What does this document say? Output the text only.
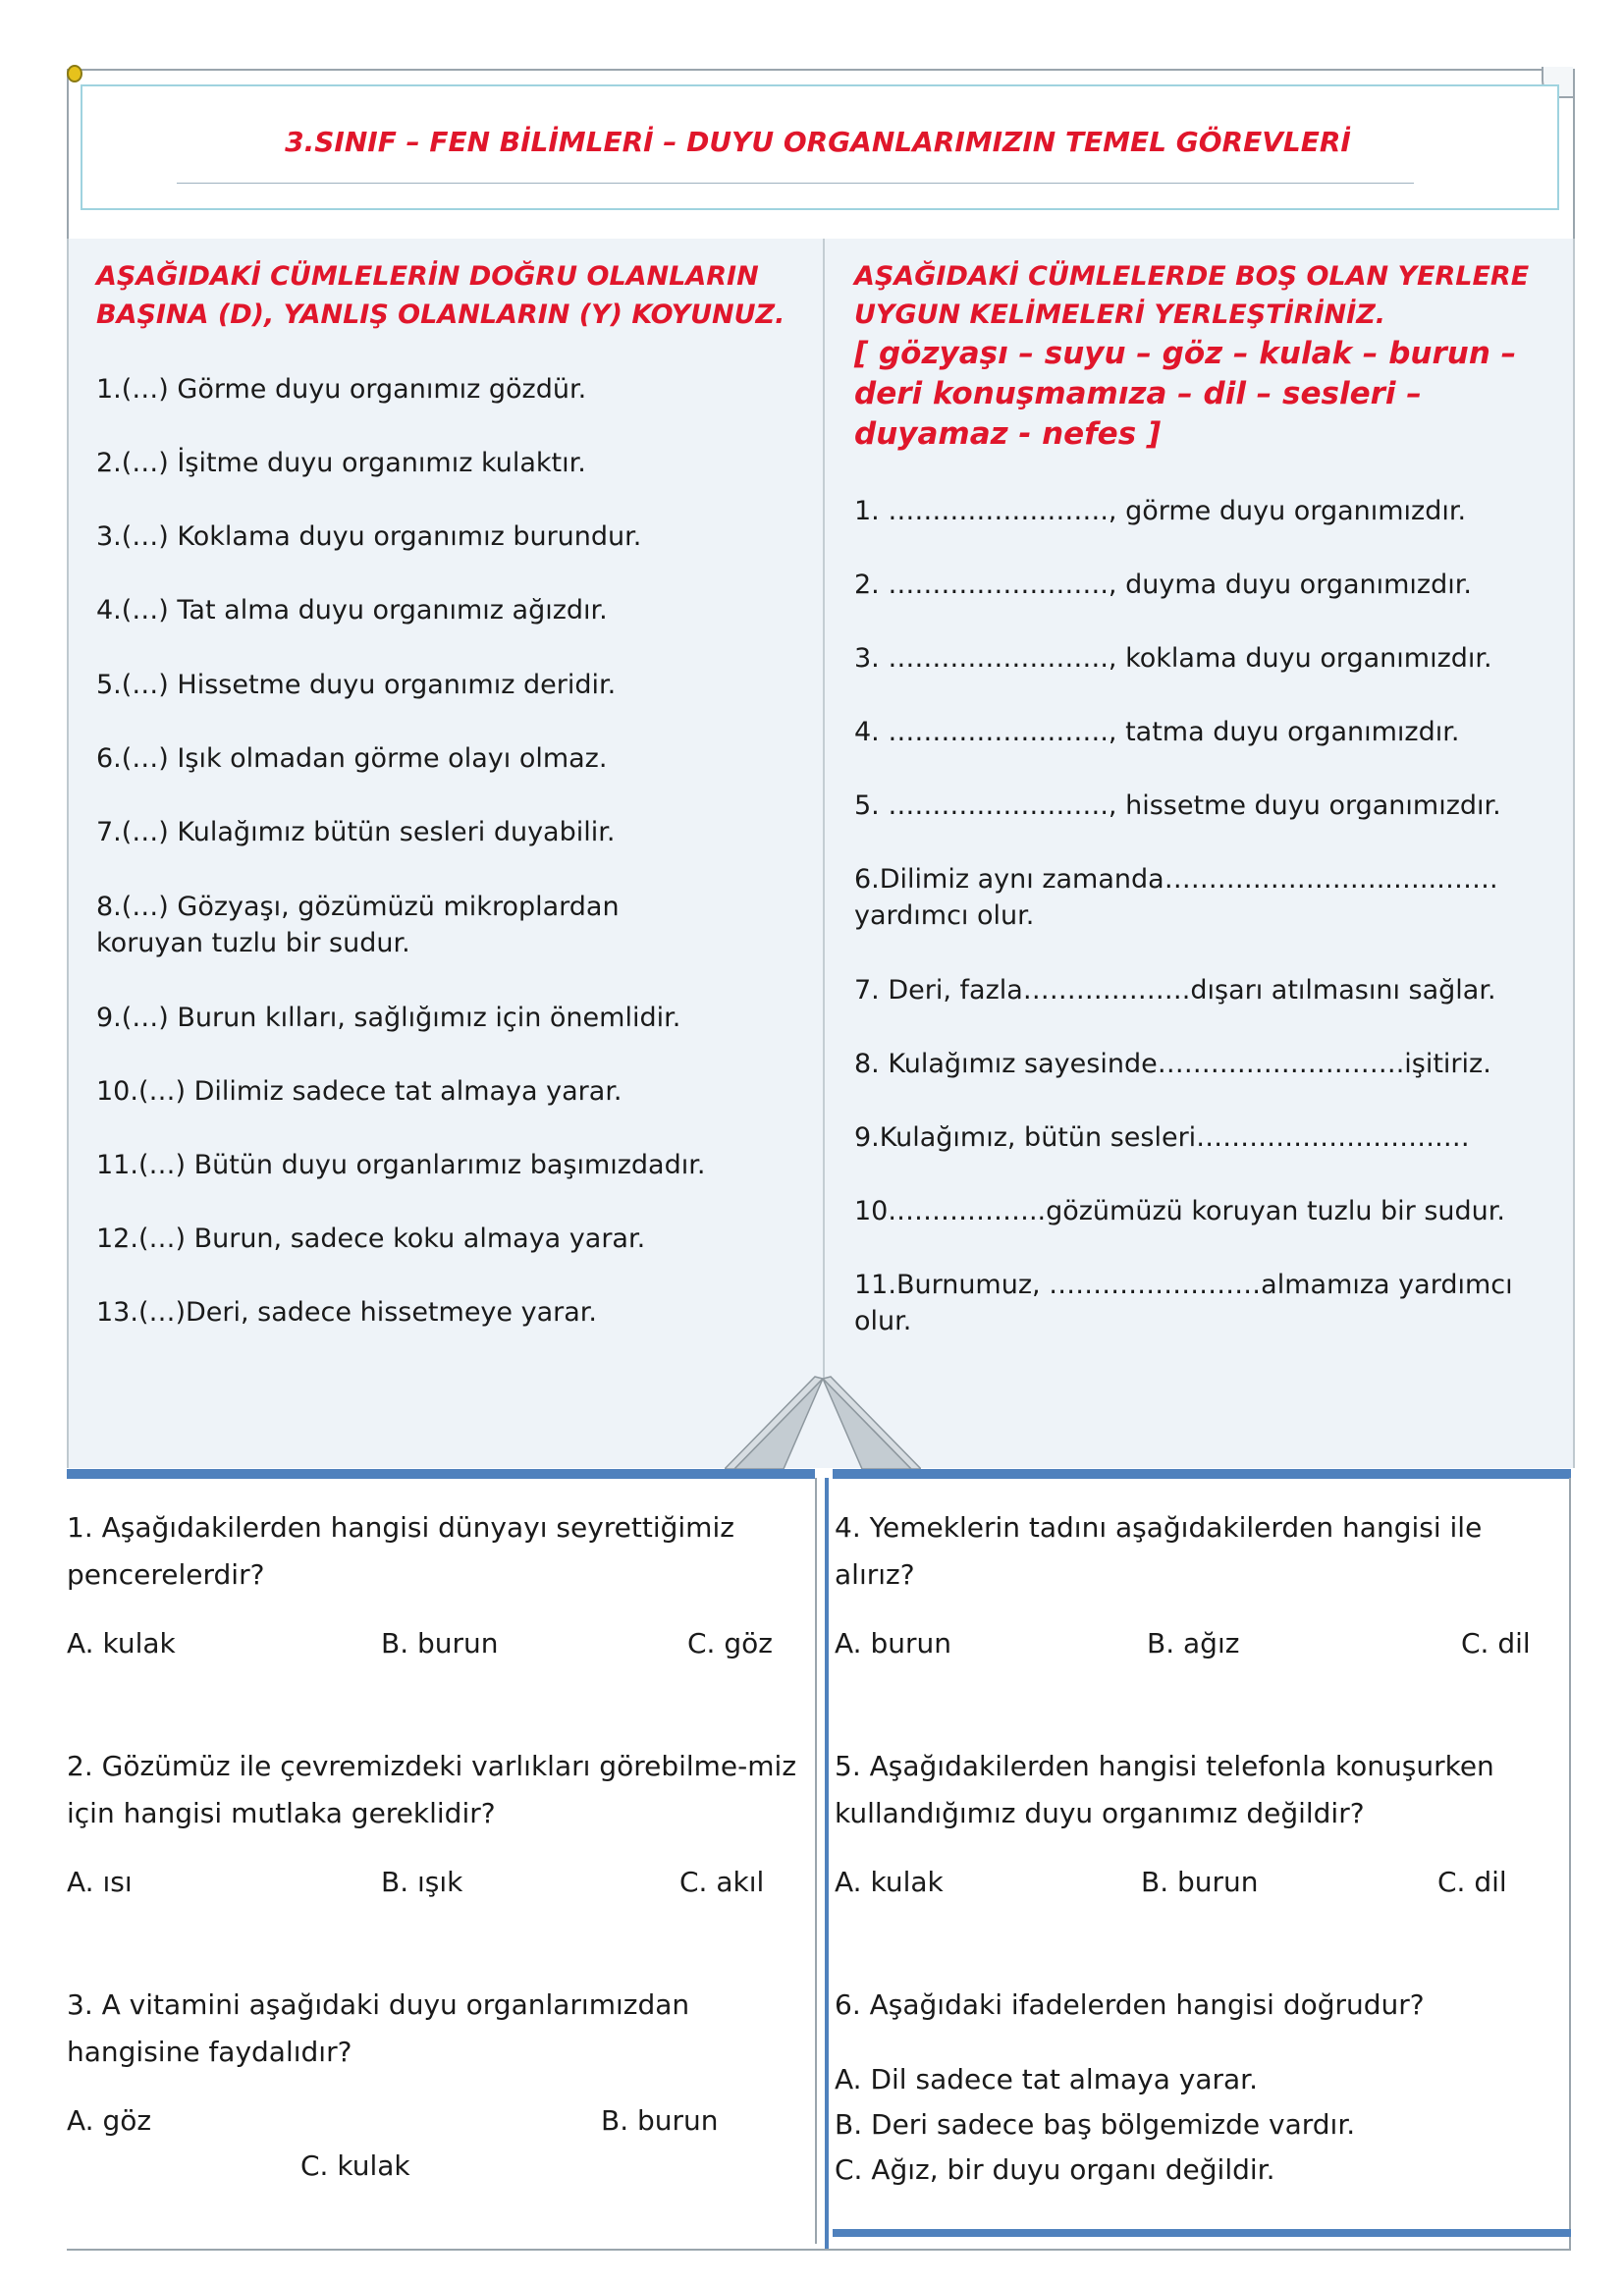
3.SINIF – FEN BİLİMLERİ – DUYU ORGANLARIMIZIN TEMEL GÖREVLERİ

AŞAĞIDAKİ CÜMLELERİN DOĞRU OLANLARIN BAŞINA (D), YANLIŞ OLANLARIN (Y) KOYUNUZ.

1.(…) Görme duyu organımız gözdür.

2.(…) İşitme duyu organımız kulaktır.

3.(…) Koklama duyu organımız burundur.

4.(…) Tat alma duyu organımız ağızdır.

5.(…) Hissetme duyu organımız deridir.

6.(…) Işık olmadan görme olayı olmaz.

7.(…) Kulağımız bütün sesleri duyabilir.

8.(…) Gözyaşı, gözümüzü mikroplardan koruyan tuzlu bir sudur.

9.(…) Burun kılları, sağlığımız için önemlidir.

10.(…) Dilimiz sadece tat almaya yarar.

11.(…) Bütün duyu organlarımız başımızdadır.

12.(…) Burun, sadece koku almaya yarar.

13.(…)Deri, sadece hissetmeye yarar.

AŞAĞIDAKİ CÜMLELERDE BOŞ OLAN YERLERE UYGUN KELİMELERİ YERLEŞTİRİNİZ.

[ gözyaşı – suyu – göz – kulak – burun – deri konuşmamıza – dil – sesleri – duyamaz - nefes ]

1. ……………………., görme duyu organımızdır.

2. ……………………., duyma duyu organımızdır.

3. ……………………., koklama duyu organımızdır.

4. ……………………., tatma duyu organımızdır.

5. ……………………., hissetme duyu organımızdır.

6.Dilimiz aynı zamanda……………………..…..……. yardımcı olur.

7. Deri, fazla……………….dışarı atılmasını sağlar.

8. Kulağımız sayesinde……………………….işitiriz.

9.Kulağımız, bütün sesleri……………………….…

10.……………..gözümüzü koruyan tuzlu bir sudur.

11.Burnumuz, ……………………almamıza yardımcı olur.

1. Aşağıdakilerden hangisi dünyayı seyrettiğimiz pencerelerdir?
A. kulak	B. burun	C. göz
2. Gözümüz ile çevremizdeki varlıkları görebilme-miz için hangisi mutlaka gereklidir?
A. ısı	B. ışık	C. akıl
3. A vitamini aşağıdaki duyu organlarımızdan hangisine faydalıdır?
A. göz	B. burun
C. kulak
4. Yemeklerin tadını aşağıdakilerden hangisi ile alırız?
A. burun	B. ağız	C. dil
5. Aşağıdakilerden hangisi telefonla konuşurken kullandığımız duyu organımız değildir?
A. kulak	B. burun	C. dil
6. Aşağıdaki ifadelerden hangisi doğrudur?
A. Dil sadece tat almaya yarar.
B. Deri sadece baş bölgemizde vardır.
C. Ağız, bir duyu organı değildir.
